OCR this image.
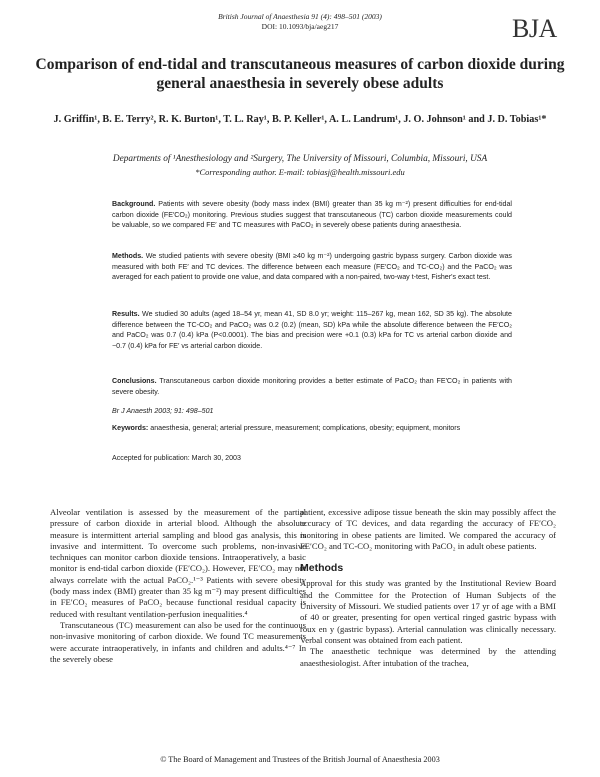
British Journal of Anaesthesia 91 (4): 498–501 (2003)
DOI: 10.1093/bja/aeg217	BJA
Comparison of end-tidal and transcutaneous measures of carbon dioxide during general anaesthesia in severely obese adults
J. Griffin¹, B. E. Terry², R. K. Burton¹, T. L. Ray¹, B. P. Keller¹, A. L. Landrum¹, J. O. Johnson¹ and J. D. Tobias¹*
Departments of ¹Anesthesiology and ²Surgery, The University of Missouri, Columbia, Missouri, USA
*Corresponding author. E-mail: tobiasj@health.missouri.edu
Background. Patients with severe obesity (body mass index (BMI) greater than 35 kg m⁻²) present difficulties for end-tidal carbon dioxide (FE′CO₂) monitoring. Previous studies suggest that transcutaneous (TC) carbon dioxide measurements could be valuable, so we compared FE′ and TC measures with PaCO₂ in severely obese patients during anaesthesia.
Methods. We studied patients with severe obesity (BMI ≥40 kg m⁻²) undergoing gastric bypass surgery. Carbon dioxide was measured with both FE′ and TC devices. The difference between each measure (FE′CO₂ and TC-CO₂) and the PaCO₂ was averaged for each patient to provide one value, and data compared with a non-paired, two-way t-test, Fisher's exact test.
Results. We studied 30 adults (aged 18–54 yr, mean 41, SD 8.0 yr; weight: 115–267 kg, mean 162, SD 35 kg). The absolute difference between the TC-CO₂ and PaCO₂ was 0.2 (0.2) (mean, SD) kPa while the absolute difference between the FE′CO₂ and PaCO₂ was 0.7 (0.4) kPa (P<0.0001). The bias and precision were +0.1 (0.3) kPa for TC vs arterial carbon dioxide and −0.7 (0.4) kPa for FE′ vs arterial carbon dioxide.
Conclusions. Transcutaneous carbon dioxide monitoring provides a better estimate of PaCO₂ than FE′CO₂ in patients with severe obesity.
Br J Anaesth 2003; 91: 498–501
Keywords: anaesthesia, general; arterial pressure, measurement; complications, obesity; equipment, monitors
Accepted for publication: March 30, 2003

Alveolar ventilation is assessed by the measurement of the partial pressure of carbon dioxide in arterial blood. Although the absolute measure is intermittent arterial sampling and blood gas analysis, this is invasive and intermittent. To overcome such problems, non-invasive techniques can monitor carbon dioxide tensions. Intraoperatively, a basic monitor is end-tidal carbon dioxide (FE′CO₂). However, FE′CO₂ may not always correlate with the actual PaCO₂.¹⁻³ Patients with severe obesity (body mass index (BMI) greater than 35 kg m⁻²) may present difficulties in FE′CO₂ measures of PaCO₂ because functional residual capacity is reduced with resultant ventilation-perfusion inequalities.⁴

Transcutaneous (TC) measurement can also be used for the continuous non-invasive monitoring of carbon dioxide. We found TC measurements were accurate intraoperatively, in infants and children and adults.⁴⁻⁷ In the severely obese

patient, excessive adipose tissue beneath the skin may possibly affect the accuracy of TC devices, and data regarding the accuracy of FE′CO₂ monitoring in obese patients are limited. We compared the accuracy of FE′CO₂ and TC-CO₂ monitoring with PaCO₂ in adult obese patients.

Methods

Approval for this study was granted by the Institutional Review Board and the Committee for the Protection of Human Subjects of the University of Missouri. We studied patients over 17 yr of age with a BMI of 40 or greater, presenting for open vertical ringed gastric bypass with roux en y (gastric bypass). Arterial cannulation was clinically necessary. Verbal consent was obtained from each patient.

The anaesthetic technique was determined by the attending anaesthesiologist. After intubation of the trachea,

© The Board of Management and Trustees of the British Journal of Anaesthesia 2003
